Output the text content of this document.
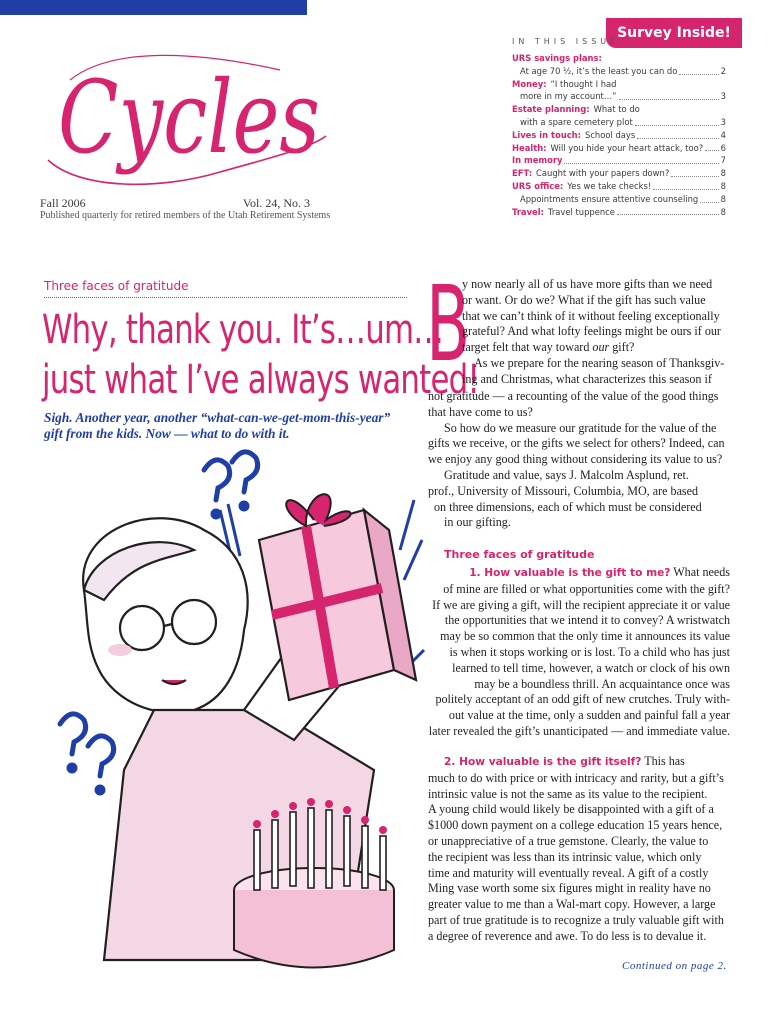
Survey Inside!
Cycles
Fall 2006	Vol. 24, No. 3
Published quarterly for retired members of the Utah Retirement Systems
IN THIS ISSUE
URS savings plans:
At age 70 ½, it’s the least you can do	2
Money: “I thought I had
more in my account…”	3
Estate planning: What to do
with a spare cemetery plot	3
Lives in touch: School days	4
Health: Will you hide your heart attack, too? 6
In memory	7
EFT: Caught with your papers down?	8
URS office: Yes we take checks!	8
Appointments ensure attentive counseling	8
Travel: Travel tuppence	8
Three faces of gratitude
Why, thank you. It’s…um…
just what I’ve always wanted!
Sigh. Another year, another “what-can-we-get-mom-this-year” gift from the kids. Now — what to do with it.
B

y now nearly all of us have more gifts than we need

or want. Or do we? What if the gift has such value

that we can’t think of it without feeling exceptionally

grateful? And what lofty feelings might be ours if our

target felt that way toward our gift?

As we prepare for the nearing season of Thanksgiv-

ing and Christmas, what characterizes this season if

not gratitude — a recounting of the value of the good things

that have come to us?

So how do we measure our gratitude for the value of the

gifts we receive, or the gifts we select for others? Indeed, can

we enjoy any good thing without considering its value to us?

Gratitude and value, says J. Malcolm Asplund, ret.

prof., University of Missouri, Columbia, MO, are based

on three dimensions, each of which must be considered

in our gifting.

Three faces of gratitude

1. How valuable is the gift to me? What needs

of mine are filled or what opportunities come with the gift?

If we are giving a gift, will the recipient appreciate it or value

the opportunities that we intend it to convey? A wristwatch

may be so common that the only time it announces its value

is when it stops working or is lost. To a child who has just

learned to tell time, however, a watch or clock of his own

may be a boundless thrill. An acquaintance once was

politely acceptant of an odd gift of new crutches. Truly with-

out value at the time, only a sudden and painful fall a year

later revealed the gift’s unanticipated — and immediate value.

2. How valuable is the gift itself? This has

much to do with price or with intricacy and rarity, but a gift’s

intrinsic value is not the same as its value to the recipient.

A young child would likely be disappointed with a gift of a

$1000 down payment on a college education 15 years hence,

or unappreciative of a true gemstone. Clearly, the value to

the recipient was less than its intrinsic value, which only

time and maturity will eventually reveal. A gift of a costly

Ming vase worth some six figures might in reality have no

greater value to me than a Wal-mart copy. However, a large

part of true gratitude is to recognize a truly valuable gift with

a degree of reverence and awe. To do less is to devalue it.

Continued on page 2.
